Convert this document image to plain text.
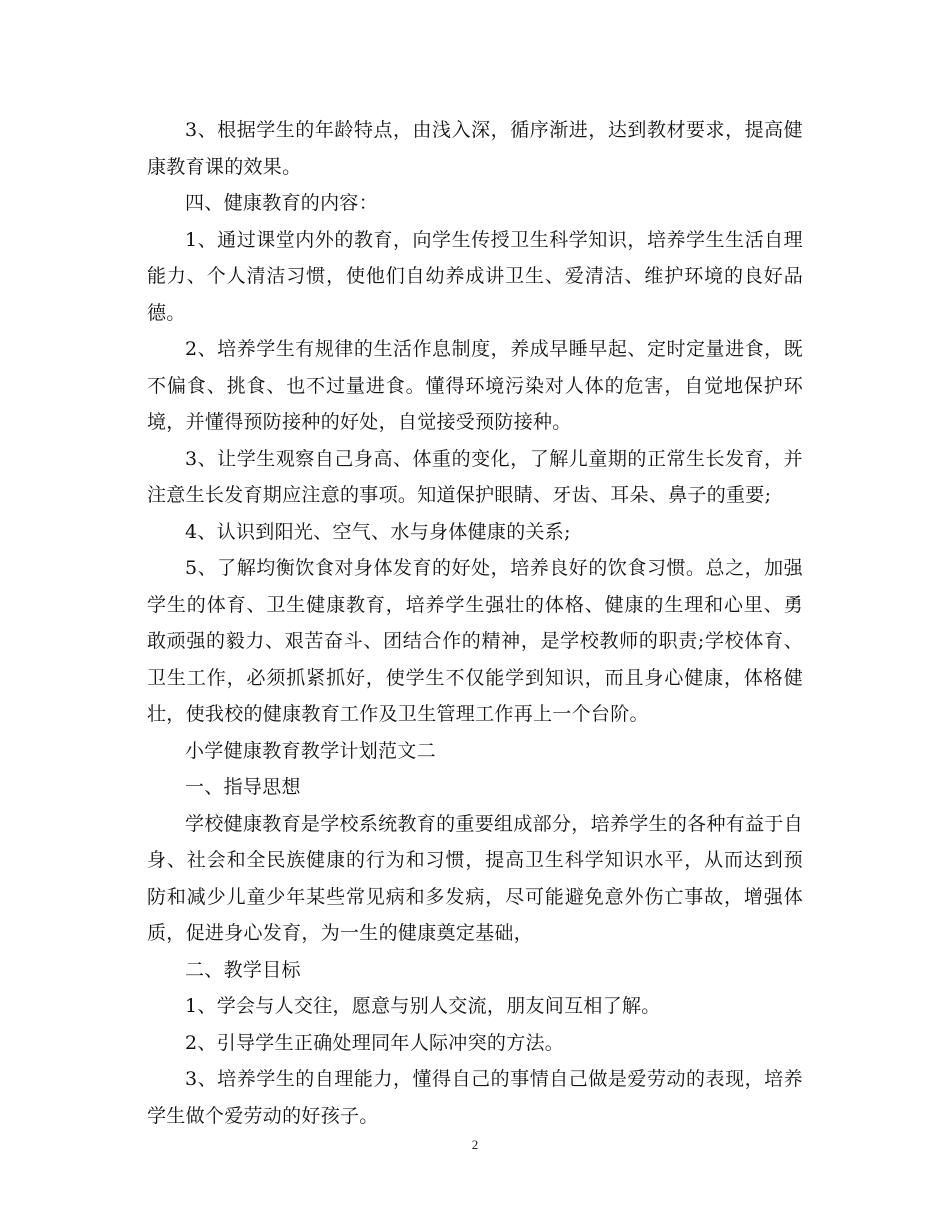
3、根据学生的年龄特点，由浅入深，循序渐进，达到教材要求，提高健康教育课的效果。

四、健康教育的内容：

1、通过课堂内外的教育，向学生传授卫生科学知识，培养学生生活自理能力、个人清洁习惯，使他们自幼养成讲卫生、爱清洁、维护环境的良好品德。

2、培养学生有规律的生活作息制度，养成早睡早起、定时定量进食，既不偏食、挑食、也不过量进食。懂得环境污染对人体的危害，自觉地保护环境，并懂得预防接种的好处，自觉接受预防接种。

3、让学生观察自己身高、体重的变化，了解儿童期的正常生长发育，并注意生长发育期应注意的事项。知道保护眼睛、牙齿、耳朵、鼻子的重要;

4、认识到阳光、空气、水与身体健康的关系;

5、了解均衡饮食对身体发育的好处，培养良好的饮食习惯。总之，加强学生的体育、卫生健康教育，培养学生强壮的体格、健康的生理和心里、勇敢顽强的毅力、艰苦奋斗、团结合作的精神，是学校教师的职责;学校体育、卫生工作，必须抓紧抓好，使学生不仅能学到知识，而且身心健康，体格健壮，使我校的健康教育工作及卫生管理工作再上一个台阶。

小学健康教育教学计划范文二

一、指导思想

学校健康教育是学校系统教育的重要组成部分，培养学生的各种有益于自身、社会和全民族健康的行为和习惯，提高卫生科学知识水平，从而达到预防和减少儿童少年某些常见病和多发病，尽可能避免意外伤亡事故，增强体质，促进身心发育，为一生的健康奠定基础，

二、教学目标

1、学会与人交往，愿意与别人交流，朋友间互相了解。

2、引导学生正确处理同年人际冲突的方法。

3、培养学生的自理能力，懂得自己的事情自己做是爱劳动的表现，培养学生做个爱劳动的好孩子。

2
